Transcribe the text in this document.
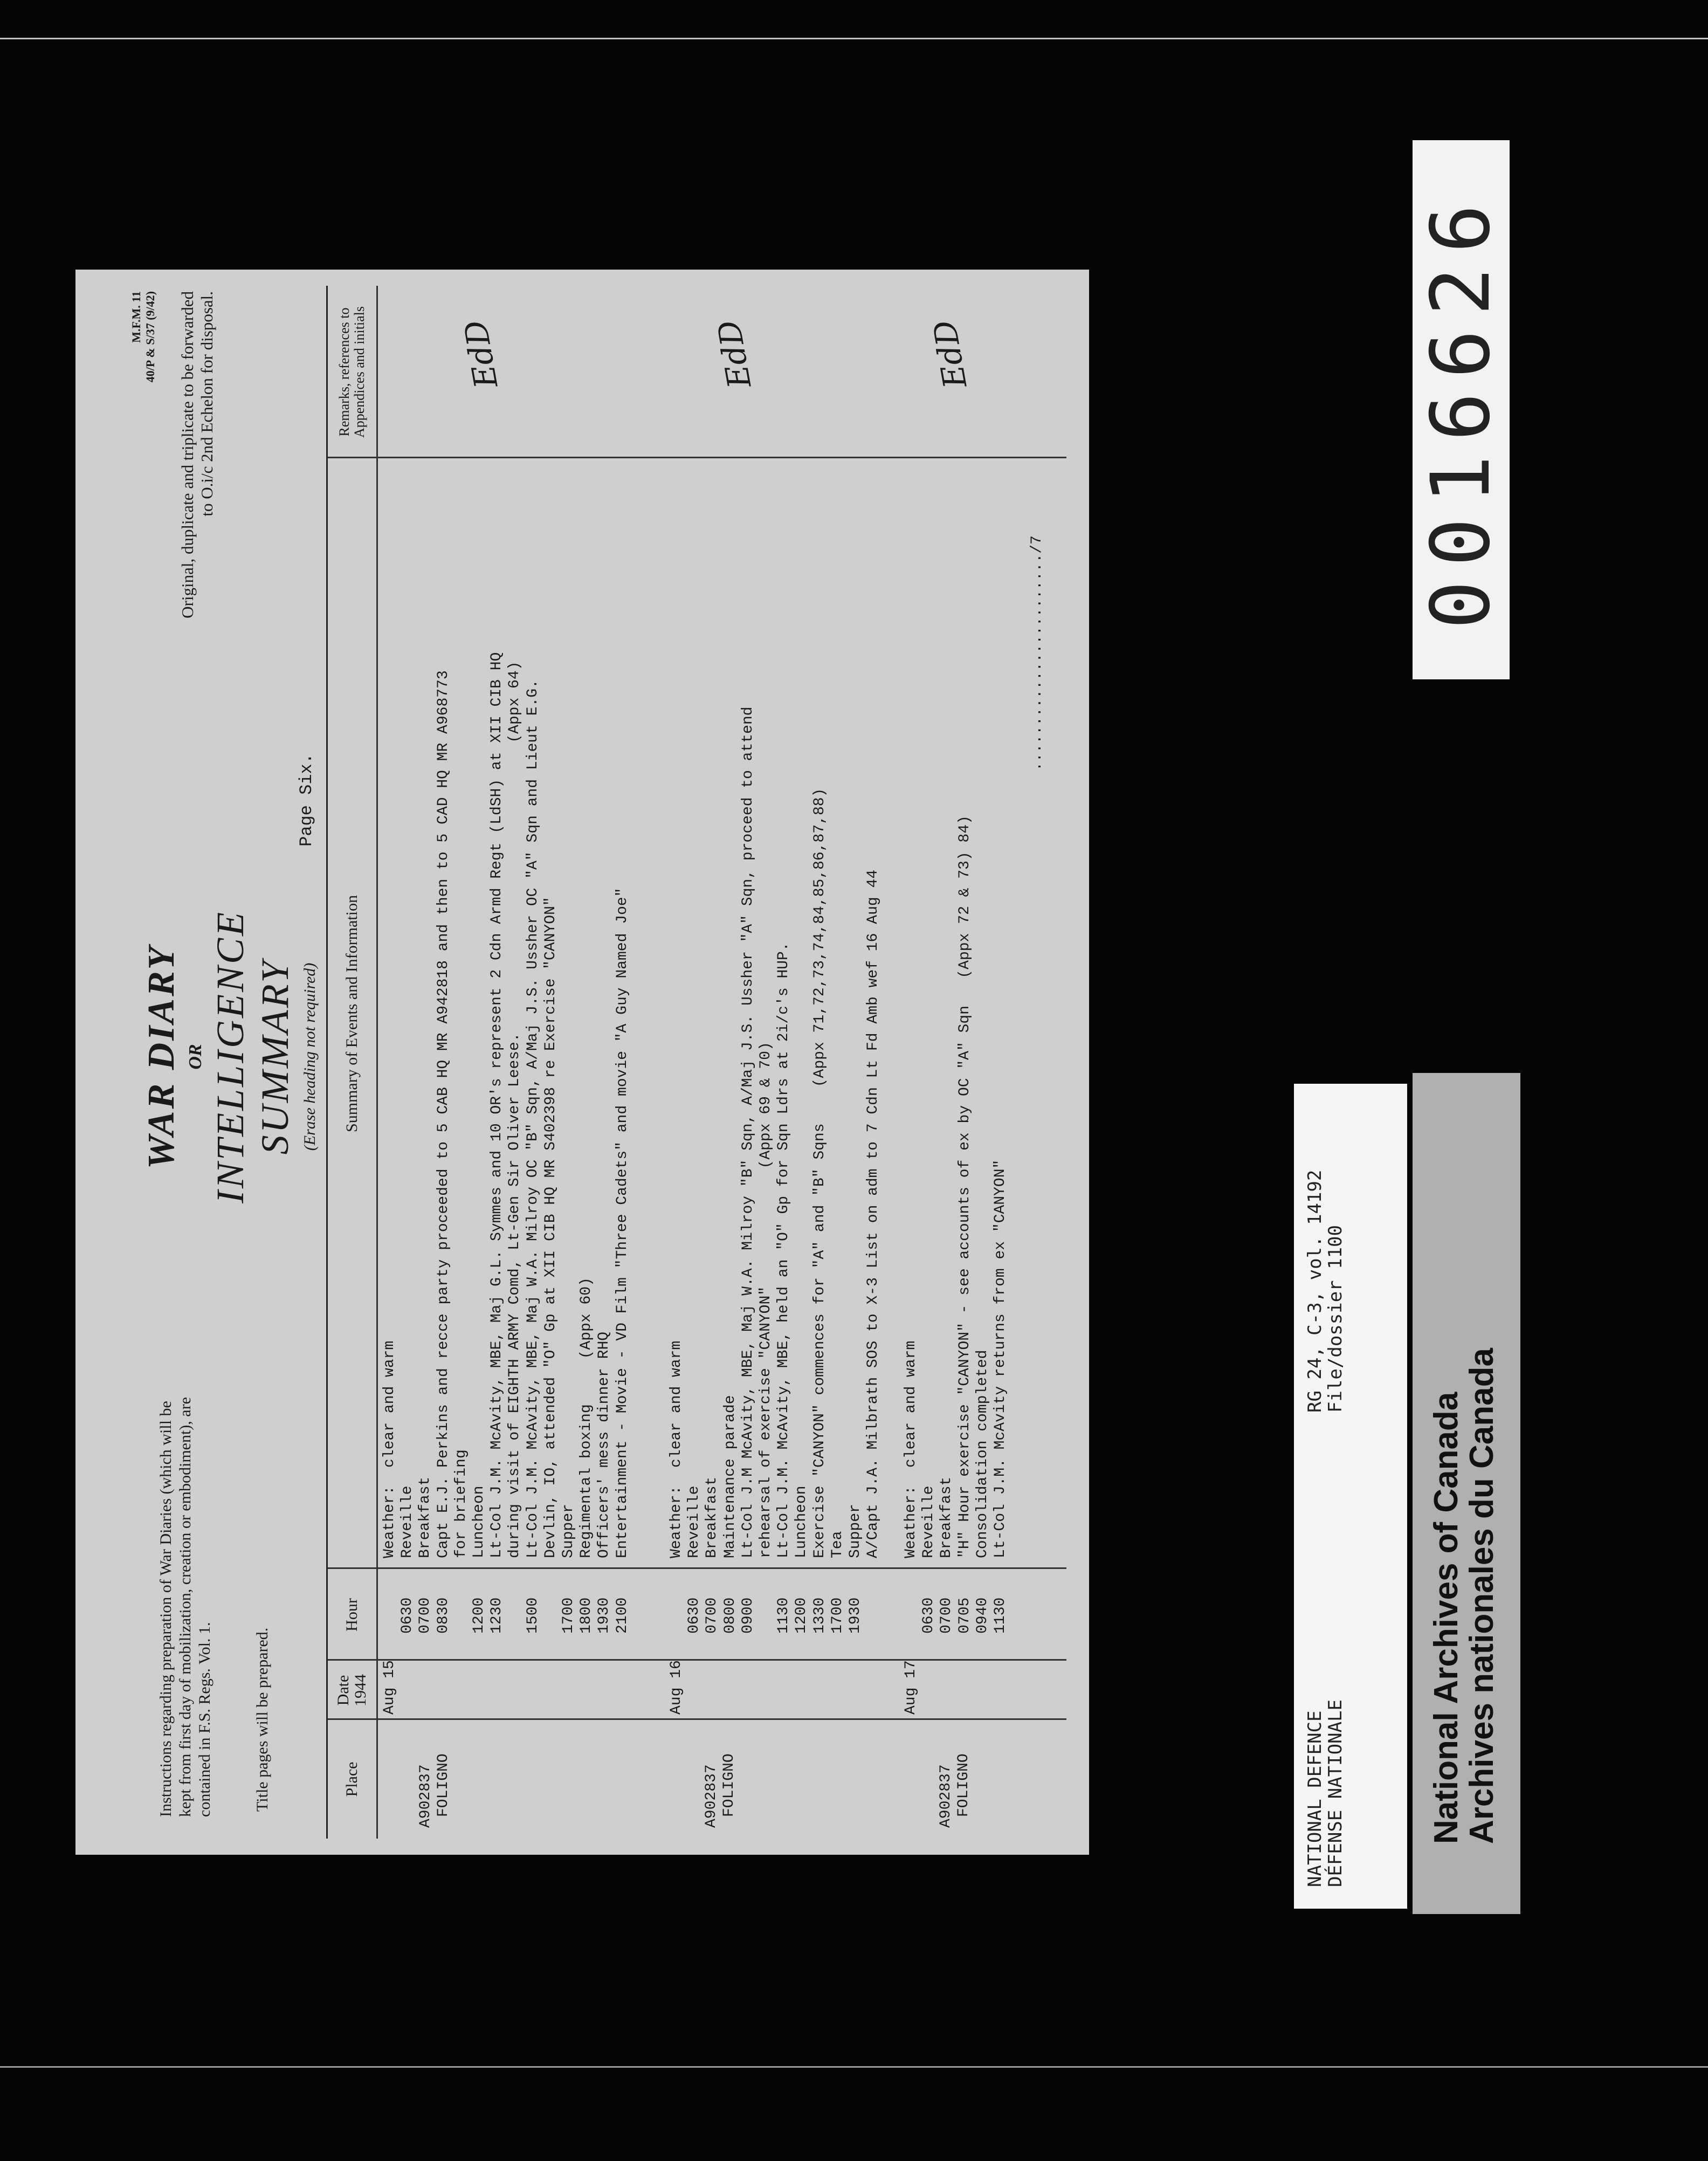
Instructions regarding preparation of War Diaries (which will be kept from first day of mobilization, creation or embodiment), are contained in F.S. Regs. Vol. 1. Title pages will be prepared.
WAR DIARY OR INTELLIGENCE SUMMARY (Erase heading not required)
M.F.M. 11 40/P & S/37 (9/42) Original, duplicate and triplicate to be forwarded to O.i/c 2nd Echelon for disposal.
Page Six.
Place
Date 1944
Hour
Summary of Events and Information
Remarks, references to Appendices and initials
Aug 15
A902837 FOLIGNO

0630
0700
0830

1200
1230

1500

1700
1800
1930
2100
Weather:  clear and warm
Reveille
Breakfast
Capt E.J. Perkins and recce party proceeded to 5 CAB HQ MR A942818 and then to 5 CAD HQ MR A968773
for briefing
Luncheon
Lt-Col J.M. McAvity, MBE, Maj G.L. Symmes and 10 OR's represent 2 Cdn Armd Regt (LdSH) at XII CIB HQ
during visit of EIGHTH ARMY Comd, Lt-Gen Sir Oliver Leese.                                (Appx 64)
Lt-Col J.M. McAvity, MBE, Maj W.A. Milroy OC "B" Sqn, A/Maj J.S. Ussher OC "A" Sqn and Lieut E.G.
Devlin, IO, attended "O" Gp at XII CIB HQ MR S402398 re Exercise "CANYON"
Supper
Regimental boxing     (Appx 60)
Officers' mess dinner RHQ
Entertainment - Movie - VD Film "Three Cadets" and movie "A Guy Named Joe"
EdD
Aug 16
A902837 FOLIGNO

0630
0700
0800
0900

1130
1200
1330
1700
1930
Weather:  clear and warm
Reveille
Breakfast
Maintenance parade
Lt-Col J.M McAvity, MBE, Maj W.A. Milroy "B" Sqn, A/Maj J.S. Ussher "A" Sqn, proceed to attend
rehearsal of exercise "CANYON"             (Appx 69 & 70)
Lt-Col J.M. McAvity, MBE, held an "O" Gp for Sqn Ldrs at 2i/c's HUP.
Luncheon
Exercise "CANYON" commences for "A" and "B" Sqns    (Appx 71,72,73,74,84,85,86,87,88)
Tea
Supper
A/Capt J.A. Milbrath SOS to X-3 List on adm to 7 Cdn Lt Fd Amb wef 16 Aug 44
EdD
Aug 17
A902837 FOLIGNO

0630
0700
0705
0940
1130
Weather:  clear and warm
Reveille
Breakfast
"H" Hour exercise "CANYON" - see accounts of ex by OC "A" Sqn   (Appx 72 & 73) 84)
Consolidation completed
Lt-Col J.M. McAvity returns from ex "CANYON"
EdD
......................../7
0016626
NATIONAL DEFENCE
DÉFENSE NATIONALE
RG 24, C-3, vol. 14192
File/dossier 1100
National Archives of Canada
Archives nationales du Canada
